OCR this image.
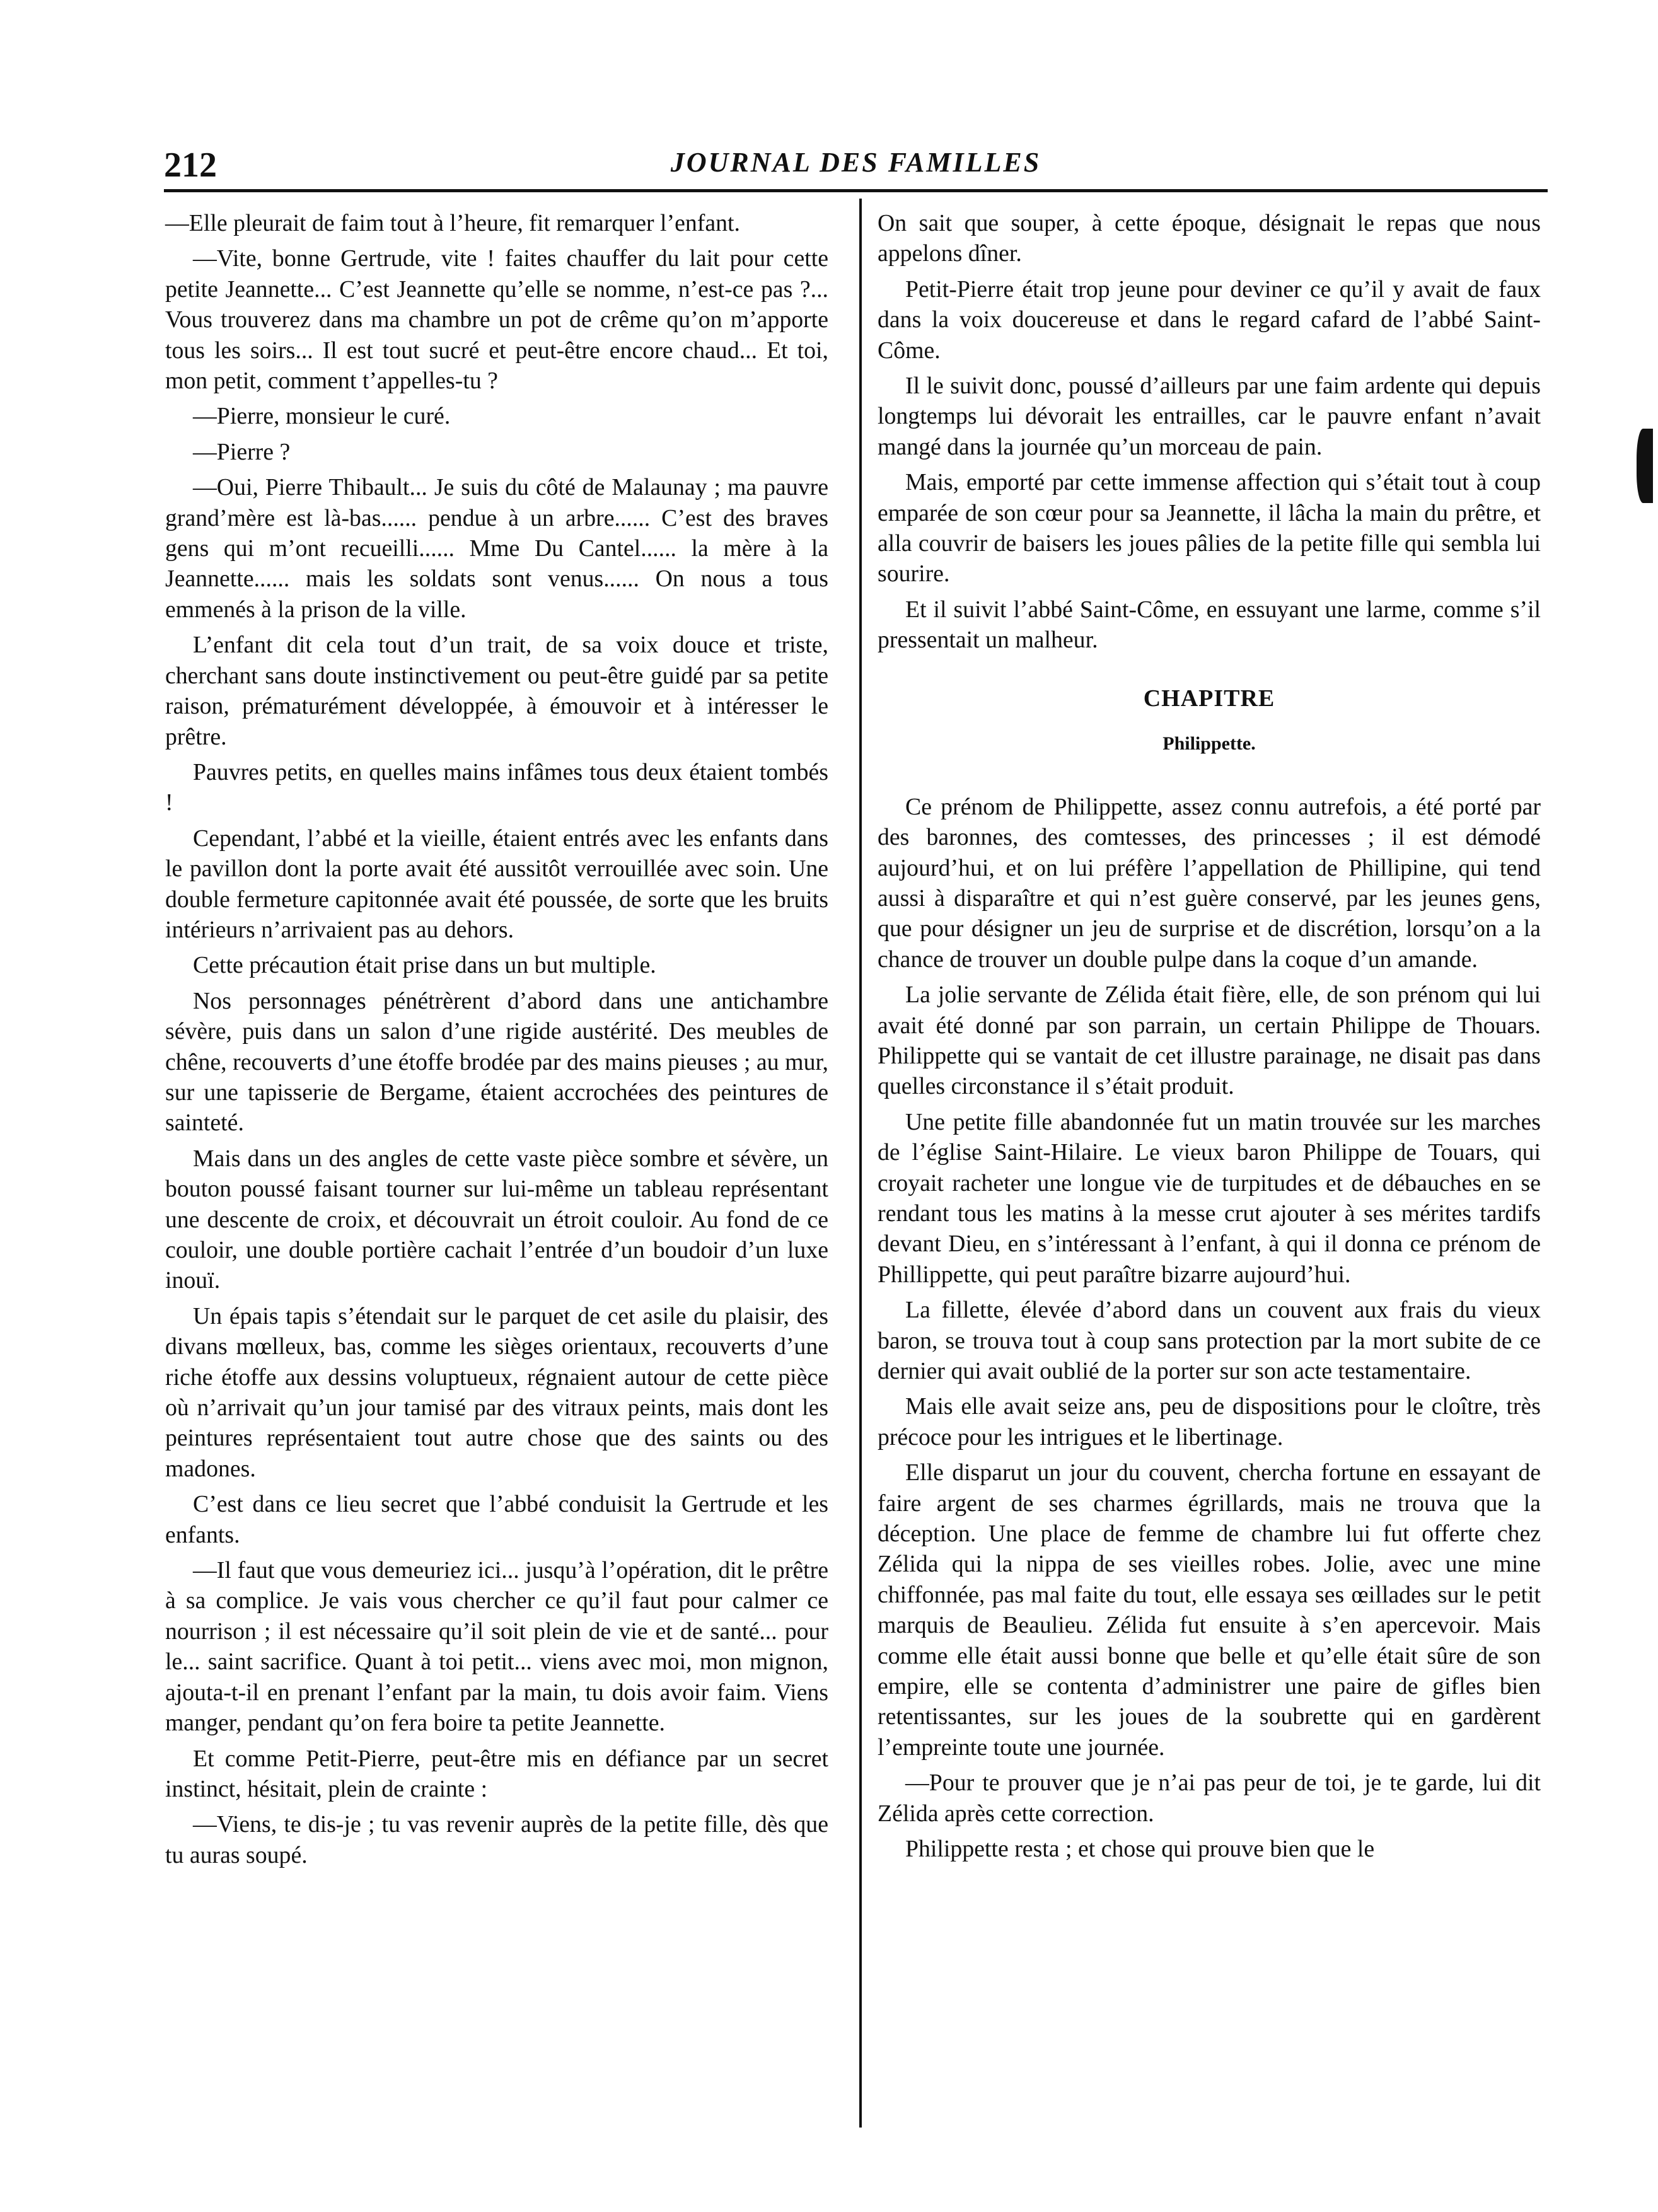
212	JOURNAL DES FAMILLES

—Elle pleurait de faim tout à l’heure, fit remarquer l’enfant.

—Vite, bonne Gertrude, vite ! faites chauffer du lait pour cette petite Jeannette... C’est Jeannette qu’elle se nomme, n’est-ce pas ?... Vous trouverez dans ma chambre un pot de crême qu’on m’apporte tous les soirs... Il est tout sucré et peut-être encore chaud... Et toi, mon petit, comment t’appelles-tu ?

—Pierre, monsieur le curé.

—Pierre ?

—Oui, Pierre Thibault... Je suis du côté de Malaunay ; ma pauvre grand’mère est là-bas...... pendue à un arbre...... C’est des braves gens qui m’ont recueilli...... Mme Du Cantel...... la mère à la Jeannette...... mais les soldats sont venus...... On nous a tous emmenés à la prison de la ville.

L’enfant dit cela tout d’un trait, de sa voix douce et triste, cherchant sans doute instinctivement ou peut-être guidé par sa petite raison, prématurément développée, à émouvoir et à intéresser le prêtre.

Pauvres petits, en quelles mains infâmes tous deux étaient tombés !

Cependant, l’abbé et la vieille, étaient entrés avec les enfants dans le pavillon dont la porte avait été aussitôt verrouillée avec soin. Une double fermeture capitonnée avait été poussée, de sorte que les bruits intérieurs n’arrivaient pas au dehors.

Cette précaution était prise dans un but multiple.

Nos personnages pénétrèrent d’abord dans une antichambre sévère, puis dans un salon d’une rigide austérité. Des meubles de chêne, recouverts d’une étoffe brodée par des mains pieuses ; au mur, sur une tapisserie de Bergame, étaient accrochées des peintures de sainteté.

Mais dans un des angles de cette vaste pièce sombre et sévère, un bouton poussé faisant tourner sur lui-même un tableau représentant une descente de croix, et découvrait un étroit couloir. Au fond de ce couloir, une double portière cachait l’entrée d’un boudoir d’un luxe inouï.

Un épais tapis s’étendait sur le parquet de cet asile du plaisir, des divans mœlleux, bas, comme les sièges orientaux, recouverts d’une riche étoffe aux dessins voluptueux, régnaient autour de cette pièce où n’arrivait qu’un jour tamisé par des vitraux peints, mais dont les peintures représentaient tout autre chose que des saints ou des madones.

C’est dans ce lieu secret que l’abbé conduisit la Gertrude et les enfants.

—Il faut que vous demeuriez ici... jusqu’à l’opération, dit le prêtre à sa complice. Je vais vous chercher ce qu’il faut pour calmer ce nourrison ; il est nécessaire qu’il soit plein de vie et de santé... pour le... saint sacrifice. Quant à toi petit... viens avec moi, mon mignon, ajouta-t-il en prenant l’enfant par la main, tu dois avoir faim. Viens manger, pendant qu’on fera boire ta petite Jeannette.

Et comme Petit-Pierre, peut-être mis en défiance par un secret instinct, hésitait, plein de crainte :

—Viens, te dis-je ; tu vas revenir auprès de la petite fille, dès que tu auras soupé.

On sait que souper, à cette époque, désignait le repas que nous appelons dîner.

Petit-Pierre était trop jeune pour deviner ce qu’il y avait de faux dans la voix doucereuse et dans le regard cafard de l’abbé Saint-Côme.

Il le suivit donc, poussé d’ailleurs par une faim ardente qui depuis longtemps lui dévorait les entrailles, car le pauvre enfant n’avait mangé dans la journée qu’un morceau de pain.

Mais, emporté par cette immense affection qui s’était tout à coup emparée de son cœur pour sa Jeannette, il lâcha la main du prêtre, et alla couvrir de baisers les joues pâlies de la petite fille qui sembla lui sourire.

Et il suivit l’abbé Saint-Côme, en essuyant une larme, comme s’il pressentait un malheur.

CHAPITRE
Philippette.

Ce prénom de Philippette, assez connu autrefois, a été porté par des baronnes, des comtesses, des princesses ; il est démodé aujourd’hui, et on lui préfère l’appellation de Phillipine, qui tend aussi à disparaître et qui n’est guère conservé, par les jeunes gens, que pour désigner un jeu de surprise et de discrétion, lorsqu’on a la chance de trouver un double pulpe dans la coque d’un amande.

La jolie servante de Zélida était fière, elle, de son prénom qui lui avait été donné par son parrain, un certain Philippe de Thouars. Philippette qui se vantait de cet illustre parainage, ne disait pas dans quelles circonstance il s’était produit.

Une petite fille abandonnée fut un matin trouvée sur les marches de l’église Saint-Hilaire. Le vieux baron Philippe de Touars, qui croyait racheter une longue vie de turpitudes et de débauches en se rendant tous les matins à la messe crut ajouter à ses mérites tardifs devant Dieu, en s’intéressant à l’enfant, à qui il donna ce prénom de Phillippette, qui peut paraître bizarre aujourd’hui.

La fillette, élevée d’abord dans un couvent aux frais du vieux baron, se trouva tout à coup sans protection par la mort subite de ce dernier qui avait oublié de la porter sur son acte testamentaire.

Mais elle avait seize ans, peu de dispositions pour le cloître, très précoce pour les intrigues et le libertinage.

Elle disparut un jour du couvent, chercha fortune en essayant de faire argent de ses charmes égrillards, mais ne trouva que la déception. Une place de femme de chambre lui fut offerte chez Zélida qui la nippa de ses vieilles robes. Jolie, avec une mine chiffonnée, pas mal faite du tout, elle essaya ses œillades sur le petit marquis de Beaulieu. Zélida fut ensuite à s’en apercevoir. Mais comme elle était aussi bonne que belle et qu’elle était sûre de son empire, elle se contenta d’administrer une paire de gifles bien retentissantes, sur les joues de la soubrette qui en gardèrent l’empreinte toute une journée.

—Pour te prouver que je n’ai pas peur de toi, je te garde, lui dit Zélida après cette correction.

Philippette resta ; et chose qui prouve bien que le
